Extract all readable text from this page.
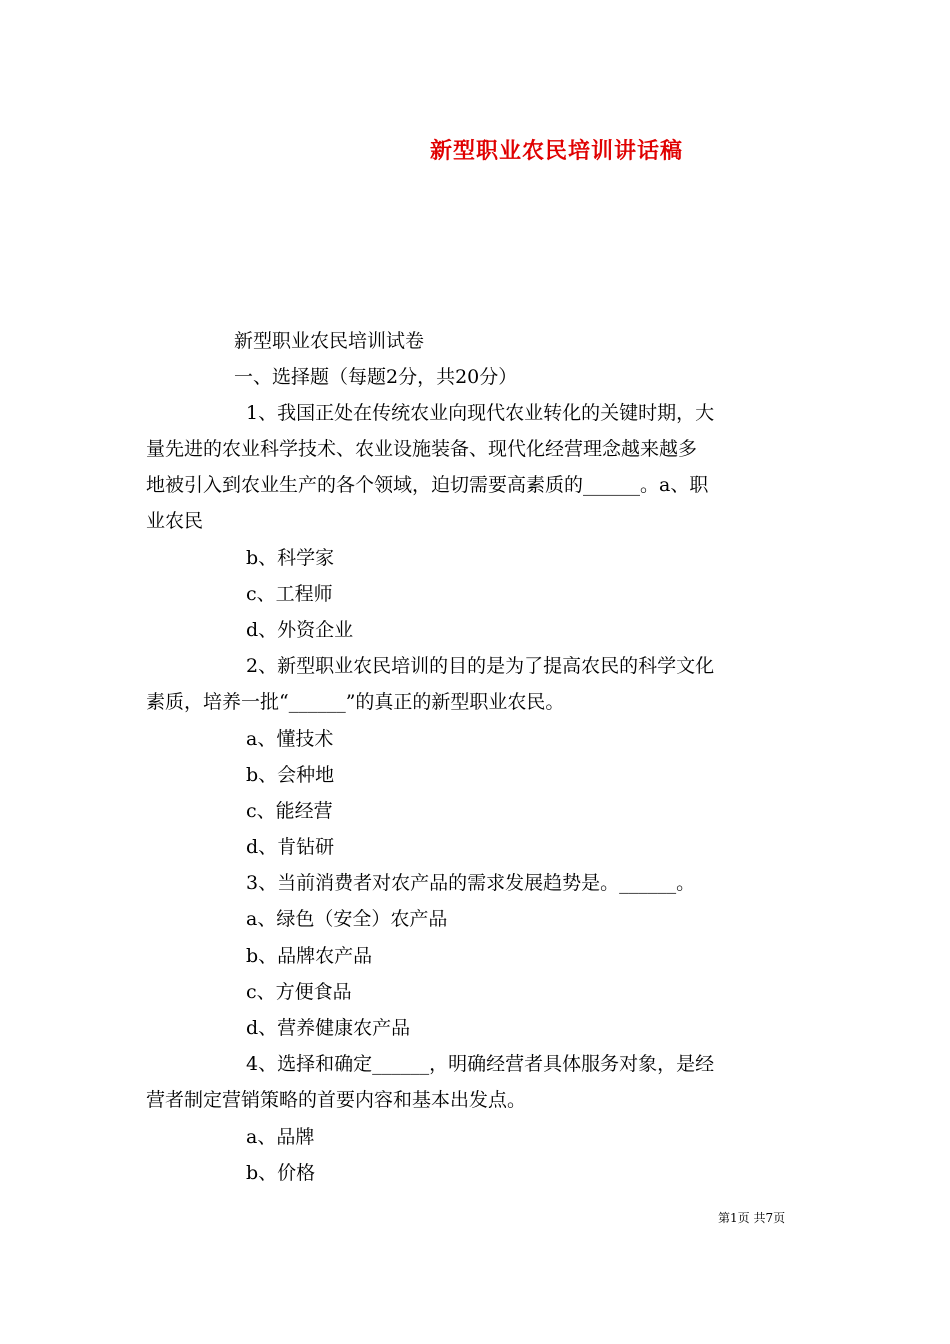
新型职业农民培训讲话稿
新型职业农民培训试卷
一、选择题（每题2分，共20分）
1、我国正处在传统农业向现代农业转化的关键时期，大
量先进的农业科学技术、农业设施装备、现代化经营理念越来越多
地被引入到农业生产的各个领域，迫切需要高素质的______。a、职
业农民
b、科学家
c、工程师
d、外资企业
2、新型职业农民培训的目的是为了提高农民的科学文化
素质，培养一批“______”的真正的新型职业农民。
a、懂技术
b、会种地
c、能经营
d、肯钻研
3、当前消费者对农产品的需求发展趋势是。______。
a、绿色（安全）农产品
b、品牌农产品
c、方便食品
d、营养健康农产品
4、选择和确定______，明确经营者具体服务对象，是经
营者制定营销策略的首要内容和基本出发点。
a、品牌
b、价格
第1页 共7页
